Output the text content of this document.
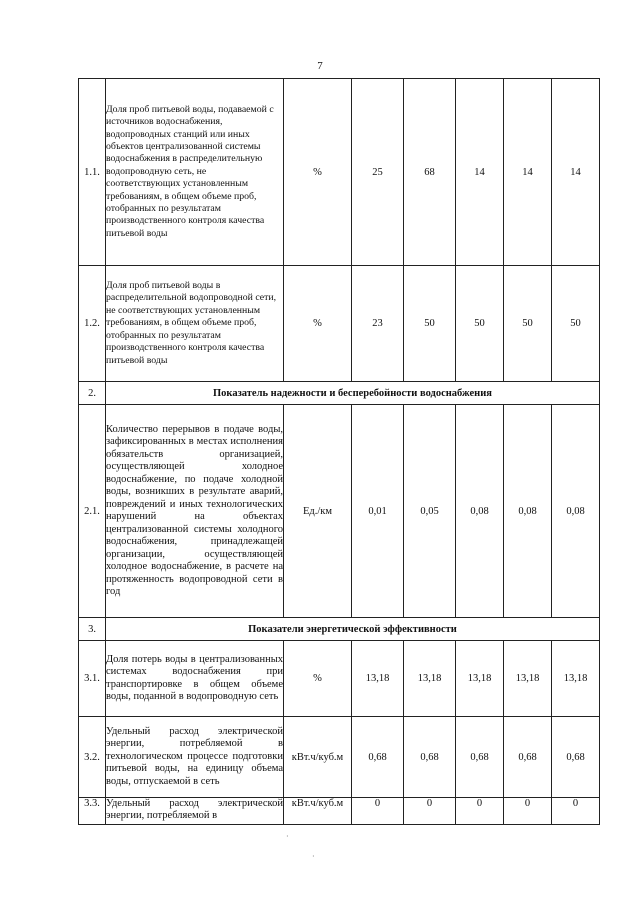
7
1.1.	Доля проб питьевой воды, подаваемой с источников водоснабжения, водопроводных станций или иных объектов централизованной системы водоснабжения в распределительную водопроводную сеть, не соответствующих установленным требованиям, в общем объеме проб, отобранных по результатам производственного контроля качества питьевой воды	%	25	68	14	14	14
1.2.	Доля проб питьевой воды в распределительной водопроводной сети, не соответствующих установленным требованиям, в общем объеме проб, отобранных по результатам производственного контроля качества питьевой воды	%	23	50	50	50	50
2.	Показатель надежности и бесперебойности водоснабжения						
2.1.	Количество перерывов в подаче воды, зафиксированных в местах исполнения обязательств организацией, осуществляющей холодное водоснабжение, по подаче холодной воды, возникших в результате аварий, повреждений и иных технологических нарушений на объектах централизованной системы холодного водоснабжения, принадлежащей организации, осуществляющей холодное водоснабжение, в расчете на протяженность водопроводной сети в год	Ед./км	0,01	0,05	0,08	0,08	0,08
3.	Показатели энергетической эффективности						
3.1.	Доля потерь воды в централизованных системах водоснабжения при транспортировке в общем объеме воды, поданной в водопроводную сеть	%	13,18	13,18	13,18	13,18	13,18
3.2.	Удельный расход электрической энергии, потребляемой в технологическом процессе подготовки питьевой воды, на единицу объема воды, отпускаемой в сеть	кВт.ч/куб.м	0,68	0,68	0,68	0,68	0,68
3.3.	Удельный расход электрической энергии, потребляемой в	кВт.ч/куб.м	0	0	0	0	0
·
·
